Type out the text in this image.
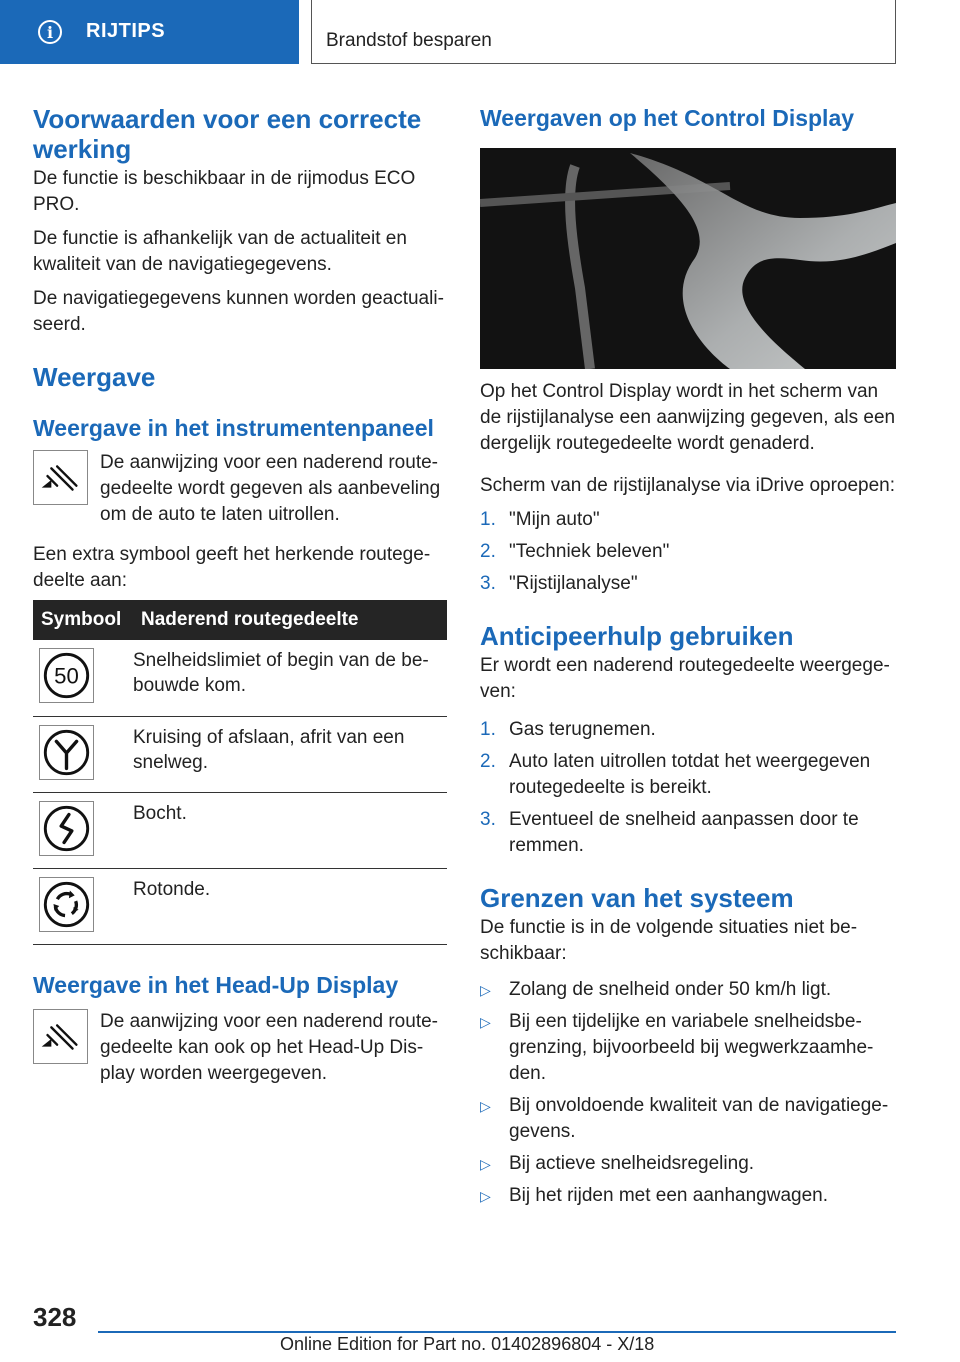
i	RIJTIPS	Brandstof besparen
Voorwaarden voor een correcte werking

De functie is beschikbaar in de rijmodus ECO PRO.

De functie is afhankelijk van de actualiteit en kwaliteit van de navigatiegegevens.

De navigatiegegevens kunnen worden geactualiseerd.

Weergave
Weergave in het instrumentenpaneel

De aanwijzing voor een naderend routegedeelte wordt gegeven als aanbeveling om de auto te laten uitrollen.

Een extra symbool geeft het herkende routegedeelte aan:

Symbool	Naderend routegedeelte

50	Snelheidslimiet of begin van de bebouwde kom.

	Kruising of afslaan, afrit van een snelweg.

	Bocht.

	Rotonde.
Weergave in het Head-Up Display

De aanwijzing voor een naderend routegedeelte kan ook op het Head-Up Display worden weergegeven.

Weergaven op het Control Display

Op het Control Display wordt in het scherm van de rijstijlanalyse een aanwijzing gegeven, als een dergelijk routegedeelte wordt genaderd.

Scherm van de rijstijlanalyse via iDrive oproepen:

1. "Mijn auto"
2. "Techniek beleven"
3. "Rijstijlanalyse"
Anticipeerhulp gebruiken

Er wordt een naderend routegedeelte weergegeven:

1. Gas terugnemen.
2. Auto laten uitrollen totdat het weergegeven routegedeelte is bereikt.
3. Eventueel de snelheid aanpassen door te remmen.
Grenzen van het systeem

De functie is in de volgende situaties niet beschikbaar:

▷ Zolang de snelheid onder 50 km/h ligt.
▷ Bij een tijdelijke en variabele snelheidsbegrenzing, bijvoorbeeld bij wegwerkzaamheden.
▷ Bij onvoldoende kwaliteit van de navigatiegegevens.
▷ Bij actieve snelheidsregeling.
▷ Bij het rijden met een aanhangwagen.
328
Online Edition for Part no. 01402896804 - X/18
